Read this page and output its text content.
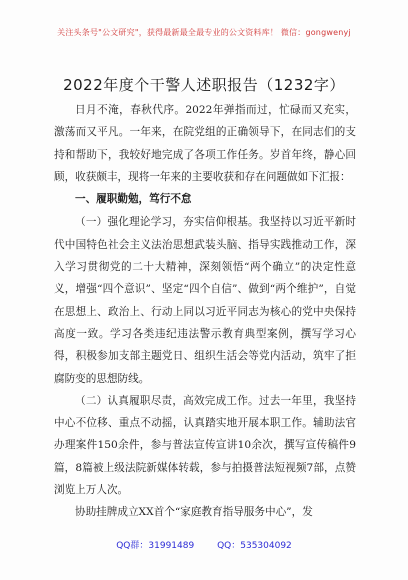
关注头条号"公文研究"，获得最新最全最专业的公文资料库！ 微信：gongwenyj
2022年度个干警人述职报告（1232字）

日月不淹，春秋代序。2022年弹指而过，忙碌而又充实，激荡而又平凡。一年来，在院党组的正确领导下，在同志们的支持和帮助下，我较好地完成了各项工作任务。岁首年终，静心回顾，收获颇丰，现将一年来的主要收获和存在问题做如下汇报：

一、履职勤勉，笃行不怠

（一）强化理论学习，夯实信仰根基。我坚持以习近平新时代中国特色社会主义法治思想武装头脑、指导实践推动工作，深入学习贯彻党的二十大精神，深刻领悟“两个确立”的决定性意义，增强“四个意识”、坚定“四个自信”、做到“两个维护”，自觉在思想上、政治上、行动上同以习近平同志为核心的党中央保持高度一致。学习各类违纪违法警示教育典型案例，撰写学习心得，积极参加支部主题党日、组织生活会等党内活动，筑牢了拒腐防变的思想防线。

（二）认真履职尽责，高效完成工作。过去一年里，我坚持中心不位移、重点不动摇，认真踏实地开展本职工作。辅助法官办理案件150余件，参与普法宣传宣讲10余次，撰写宣传稿件9篇，8篇被上级法院新媒体转载，参与拍摄普法短视频7部，点赞浏览上万人次。

协助挂牌成立XX首个“家庭教育指导服务中心”，发

QQ群：31991489	QQ：535304092
